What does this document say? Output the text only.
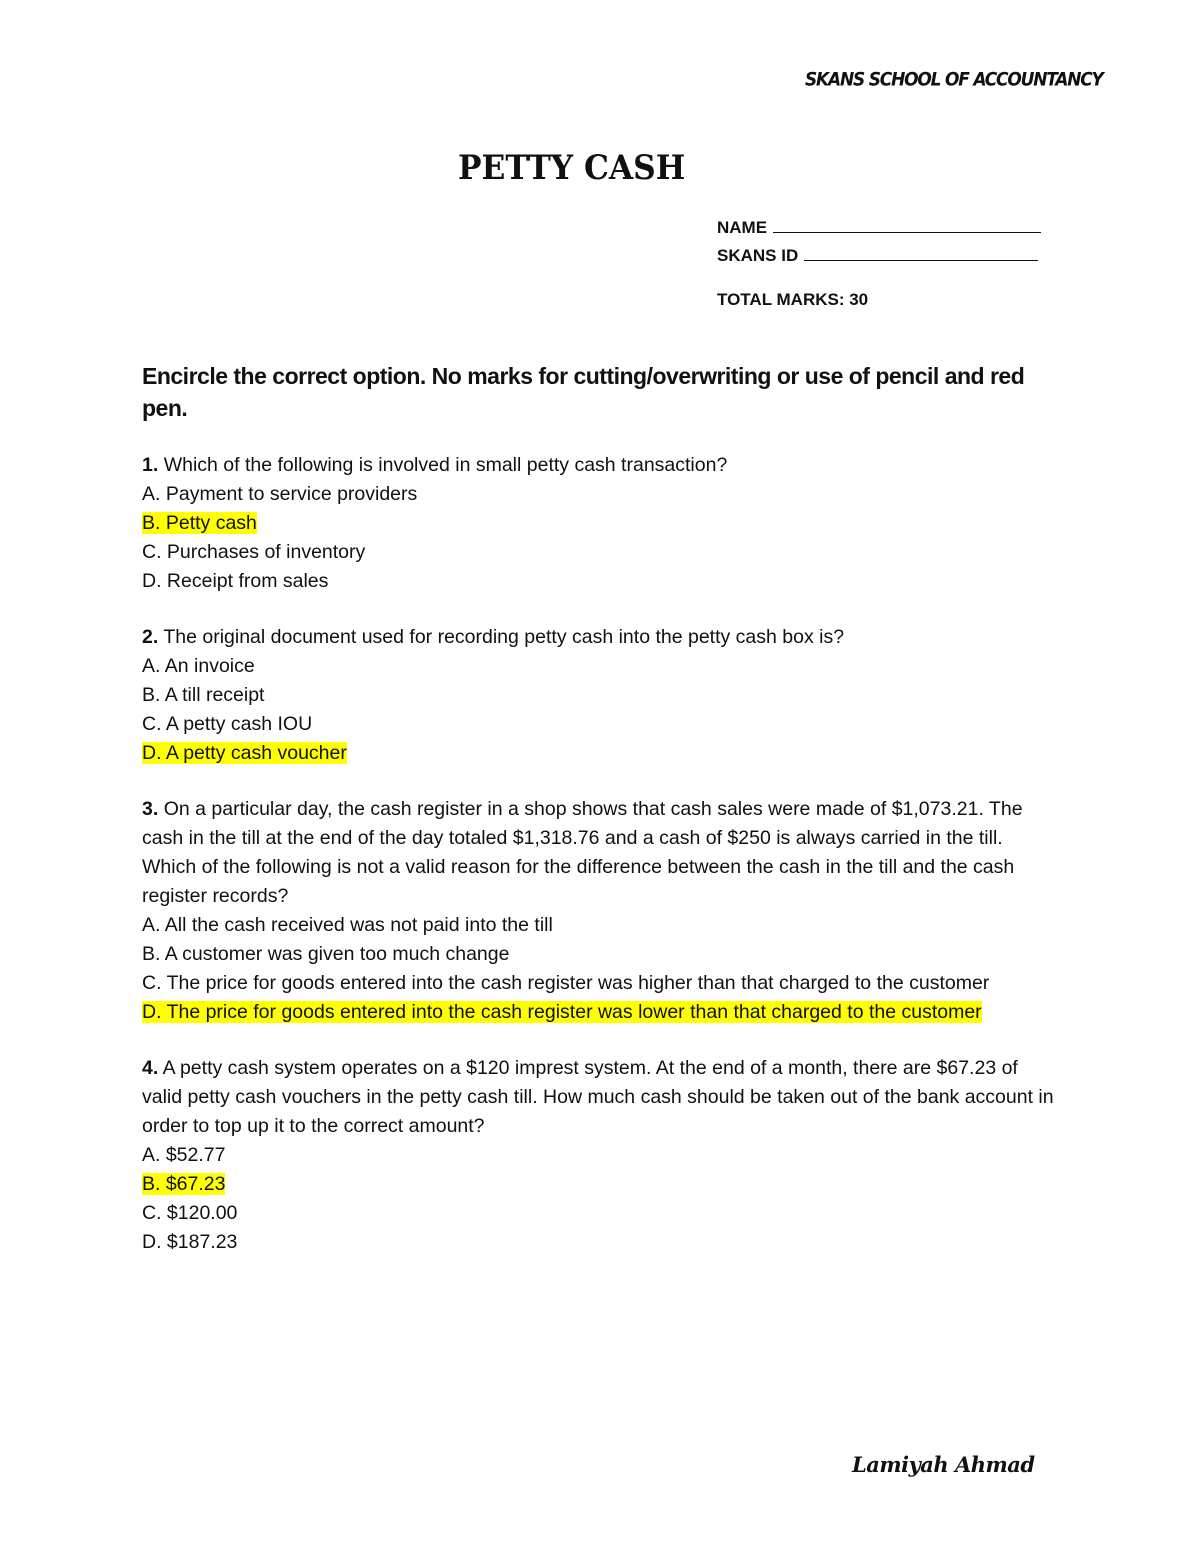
SKANS SCHOOL OF ACCOUNTANCY
PETTY CASH
NAME
SKANS ID
TOTAL MARKS: 30
Encircle the correct option. No marks for cutting/overwriting or use of pencil and red pen.
1. Which of the following is involved in small petty cash transaction?
A. Payment to service providers
B. Petty cash
C. Purchases of inventory
D. Receipt from sales
2. The original document used for recording petty cash into the petty cash box is?
A. An invoice
B. A till receipt
C. A petty cash IOU
D. A petty cash voucher
3. On a particular day, the cash register in a shop shows that cash sales were made of $1,073.21. The cash in the till at the end of the day totaled $1,318.76 and a cash of $250 is always carried in the till. Which of the following is not a valid reason for the difference between the cash in the till and the cash register records?
A. All the cash received was not paid into the till
B. A customer was given too much change
C. The price for goods entered into the cash register was higher than that charged to the customer
D. The price for goods entered into the cash register was lower than that charged to the customer
4. A petty cash system operates on a $120 imprest system. At the end of a month, there are $67.23 of valid petty cash vouchers in the petty cash till. How much cash should be taken out of the bank account in order to top up it to the correct amount?
A. $52.77
B. $67.23
C. $120.00
D. $187.23
Lamiyah Ahmad
